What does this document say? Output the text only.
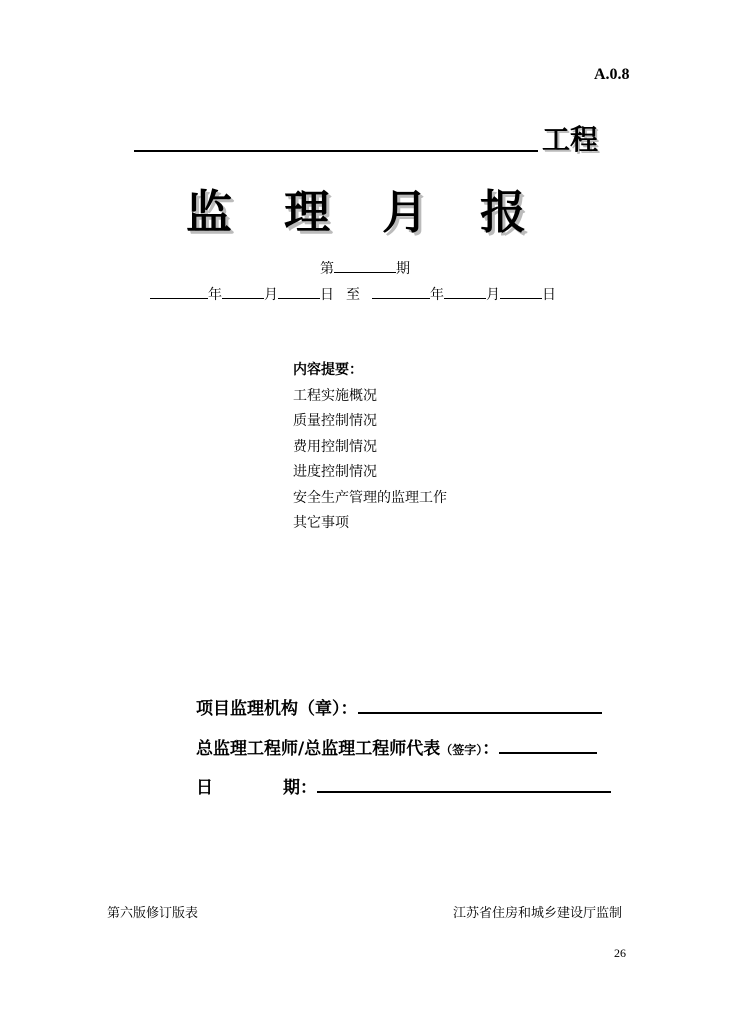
A.0.8
工程
监 理 月 报
第	期
年	月	日 至	年	月	日
内容提要：
工程实施概况
质量控制情况
费用控制情况
进度控制情况
安全生产管理的监理工作
其它事项
项目监理机构（章）：
总监理工程师/总监理工程师代表（签字）：
日	期：
第六版修订版表	江苏省住房和城乡建设厅监制
26
